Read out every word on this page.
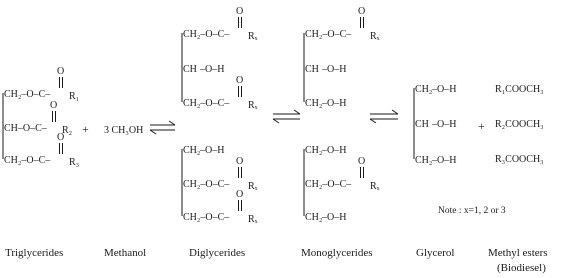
CH₂–O–C– R₁
O
CH–O–C– R₂
O
CH₂–O–C– R₃
O
+ 3 CH₃OH
CH₂–O–C– Rₓ
O
CH –O–H
CH₂–O–C– Rₓ
O
CH₂ –O–H
CH₂–O–C– Rₓ
O
CH₂–O–C– Rₓ
O
CH₂–O–C– Rₓ
O
CH –O–H
CH₂ –O–H
CH₂ –O–H
CH₂–O–C– Rₓ
O
CH₂ –O–H
CH₂ –O–H
CH –O–H
CH₂ –O–H
+
R₁COOCH₃
R₂COOCH₃
R₃COOCH₃
Note : x=1, 2 or 3
Triglycerides	Methanol	Diglycerides	Monoglycerides	Glycerol	Methyl esters
(Biodiesel)
